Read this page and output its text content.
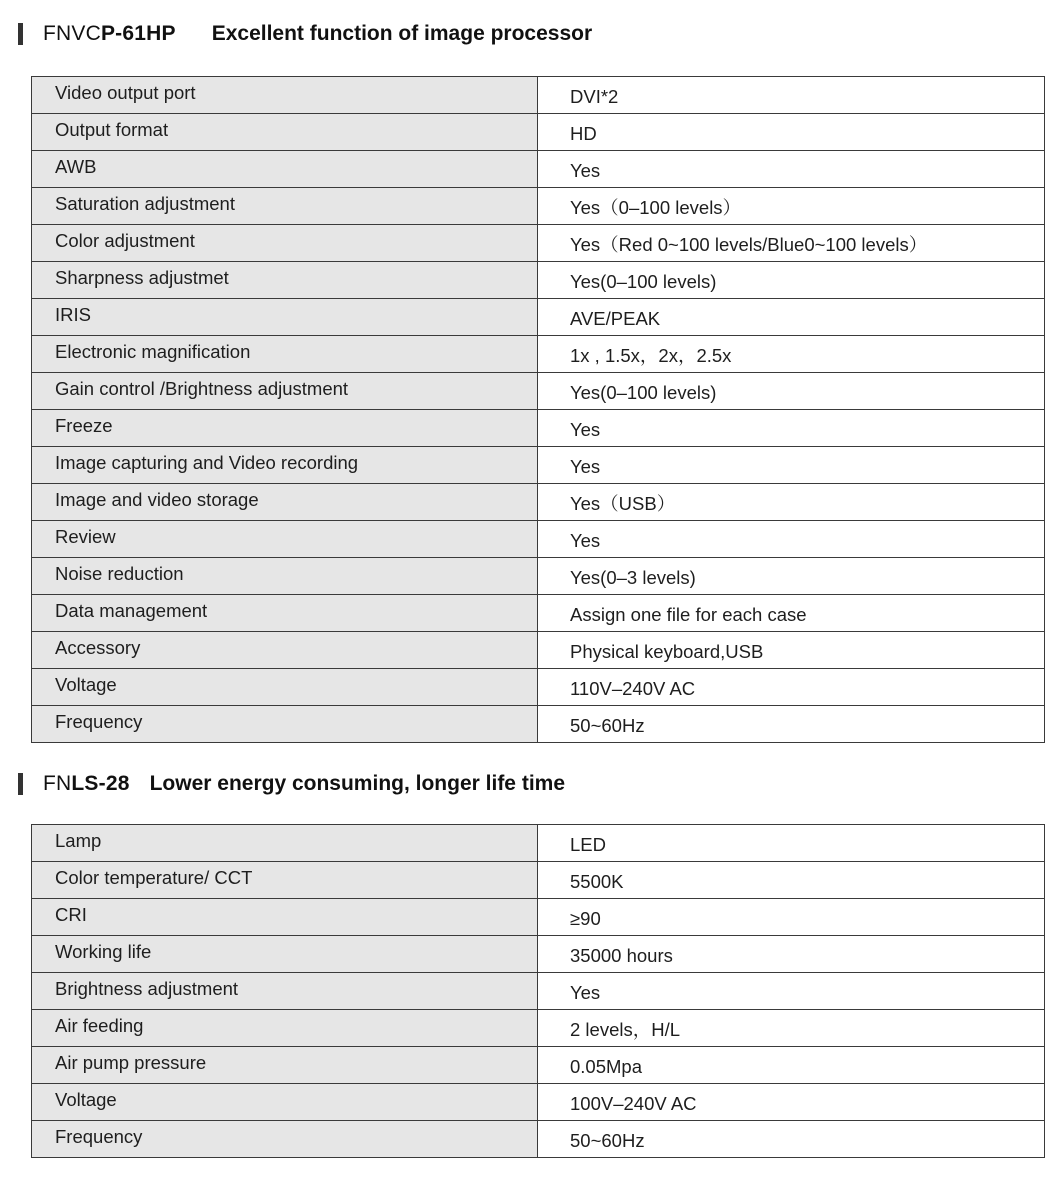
FNVCP-61HP Excellent function of image processor
Video output port	DVI*2
Output format	HD
AWB	Yes
Saturation adjustment	Yes（0–100 levels）
Color adjustment	Yes（Red 0~100 levels/Blue0~100 levels）
Sharpness adjustmet	Yes(0–100 levels)
IRIS	AVE/PEAK
Electronic magnification	1x , 1.5x，2x，2.5x
Gain control /Brightness adjustment	Yes(0–100 levels)
Freeze	Yes
Image capturing and Video recording	Yes
Image and video storage	Yes（USB）
Review	Yes
Noise reduction	Yes(0–3 levels)
Data management	Assign one file for each case
Accessory	Physical keyboard,USB
Voltage	110V–240V AC
Frequency	50~60Hz
FNLS-28 Lower energy consuming, longer life time
Lamp	LED
Color temperature/ CCT	5500K
CRI	≥90
Working life	35000 hours
Brightness adjustment	Yes
Air feeding	2 levels，H/L
Air pump pressure	0.05Mpa
Voltage	100V–240V AC
Frequency	50~60Hz
